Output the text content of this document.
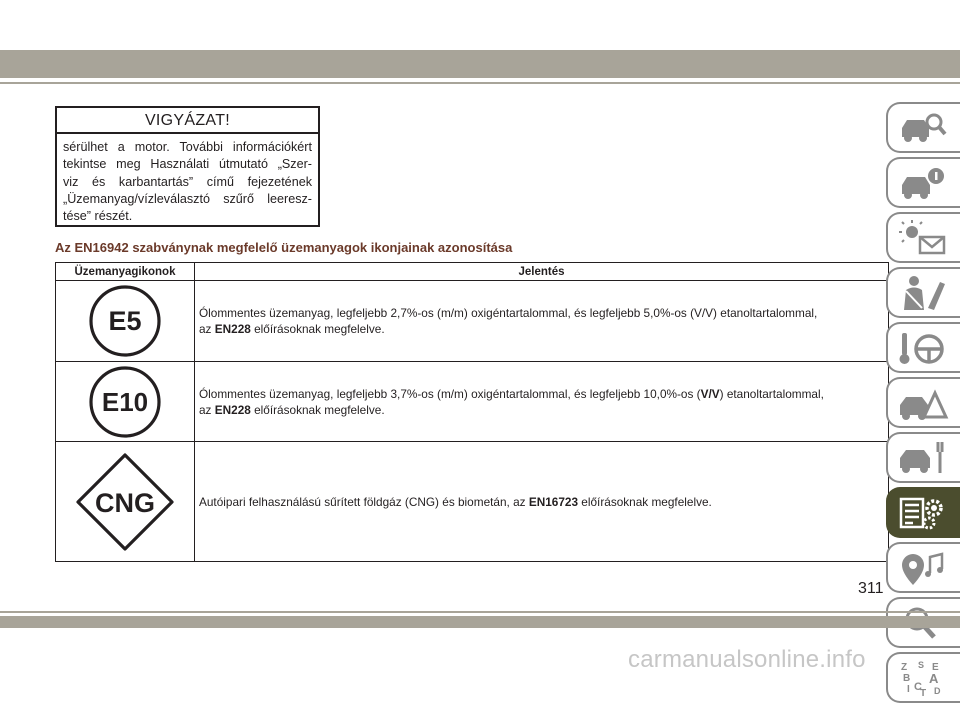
VIGYÁZAT!
sérülhet a motor. További információkért
tekintse meg Használati útmutató „Szer-
viz és karbantartás” című fejezetének
„Üzemanyag/vízleválasztó szűrő leeresz-
tése” részét.
Az EN16942 szabványnak megfelelő üzemanyagok ikonjainak azonosítása
Üzemanyagikonok	Jelentés

E5	Ólommentes üzemanyag, legfeljebb 2,7%-os (m/m) oxigéntartalommal, és legfeljebb 5,0%-os (V/V) etanoltartalommal,
az EN228 előírásoknak megfelelve.

E10	Ólommentes üzemanyag, legfeljebb 3,7%-os (m/m) oxigéntartalommal, és legfeljebb 10,0%-os (V/V) etanoltartalommal,
az EN228 előírásoknak megfelelve.

CNG	Autóipari felhasználású sűrített földgáz (CNG) és biometán, az EN16723 előírásoknak megfelelve.
Z S E
B A
I C
T D
311
carmanualsonline.info
